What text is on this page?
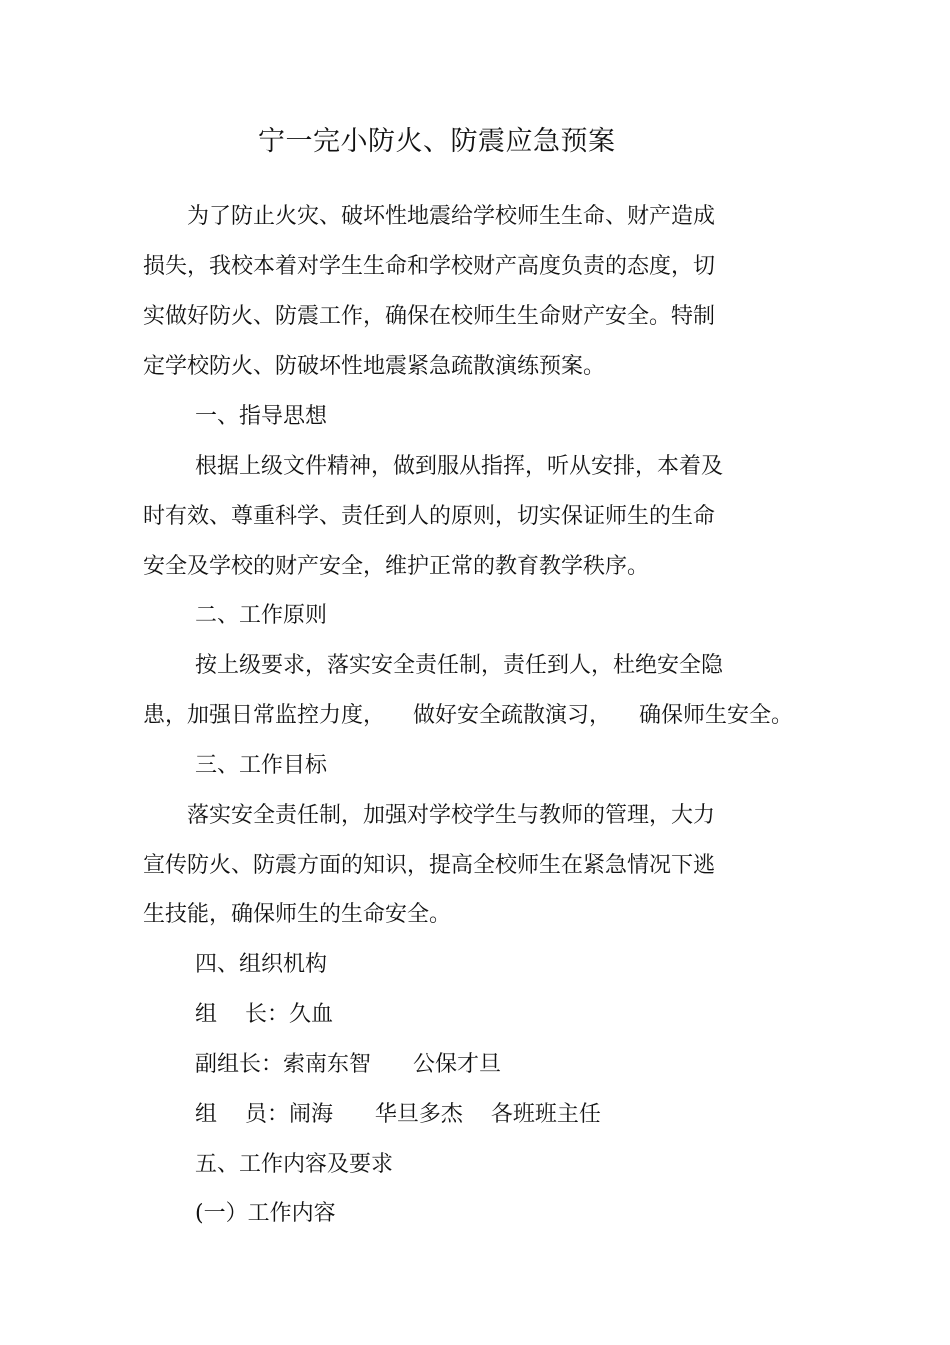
宁一完小防火、防震应急预案
为了防止火灾、破坏性地震给学校师生生命、财产造成
损失，我校本着对学生生命和学校财产高度负责的态度，切
实做好防火、防震工作，确保在校师生生命财产安全。特制
定学校防火、防破坏性地震紧急疏散演练预案。
一、指导思想
根据上级文件精神，做到服从指挥，听从安排，本着及
时有效、尊重科学、责任到人的原则，切实保证师生的生命
安全及学校的财产安全，维护正常的教育教学秩序。
二、工作原则
按上级要求，落实安全责任制，责任到人，杜绝安全隐
患，加强日常监控力度，    做好安全疏散演习，    确保师生安全。
三、工作目标
落实安全责任制，加强对学校学生与教师的管理，大力
宣传防火、防震方面的知识，提高全校师生在紧急情况下逃
生技能，确保师生的生命安全。
四、组织机构
组    长：久血
副组长：索南东智      公保才旦
组    员：闹海      华旦多杰    各班班主任
五、工作内容及要求
(一）工作内容
